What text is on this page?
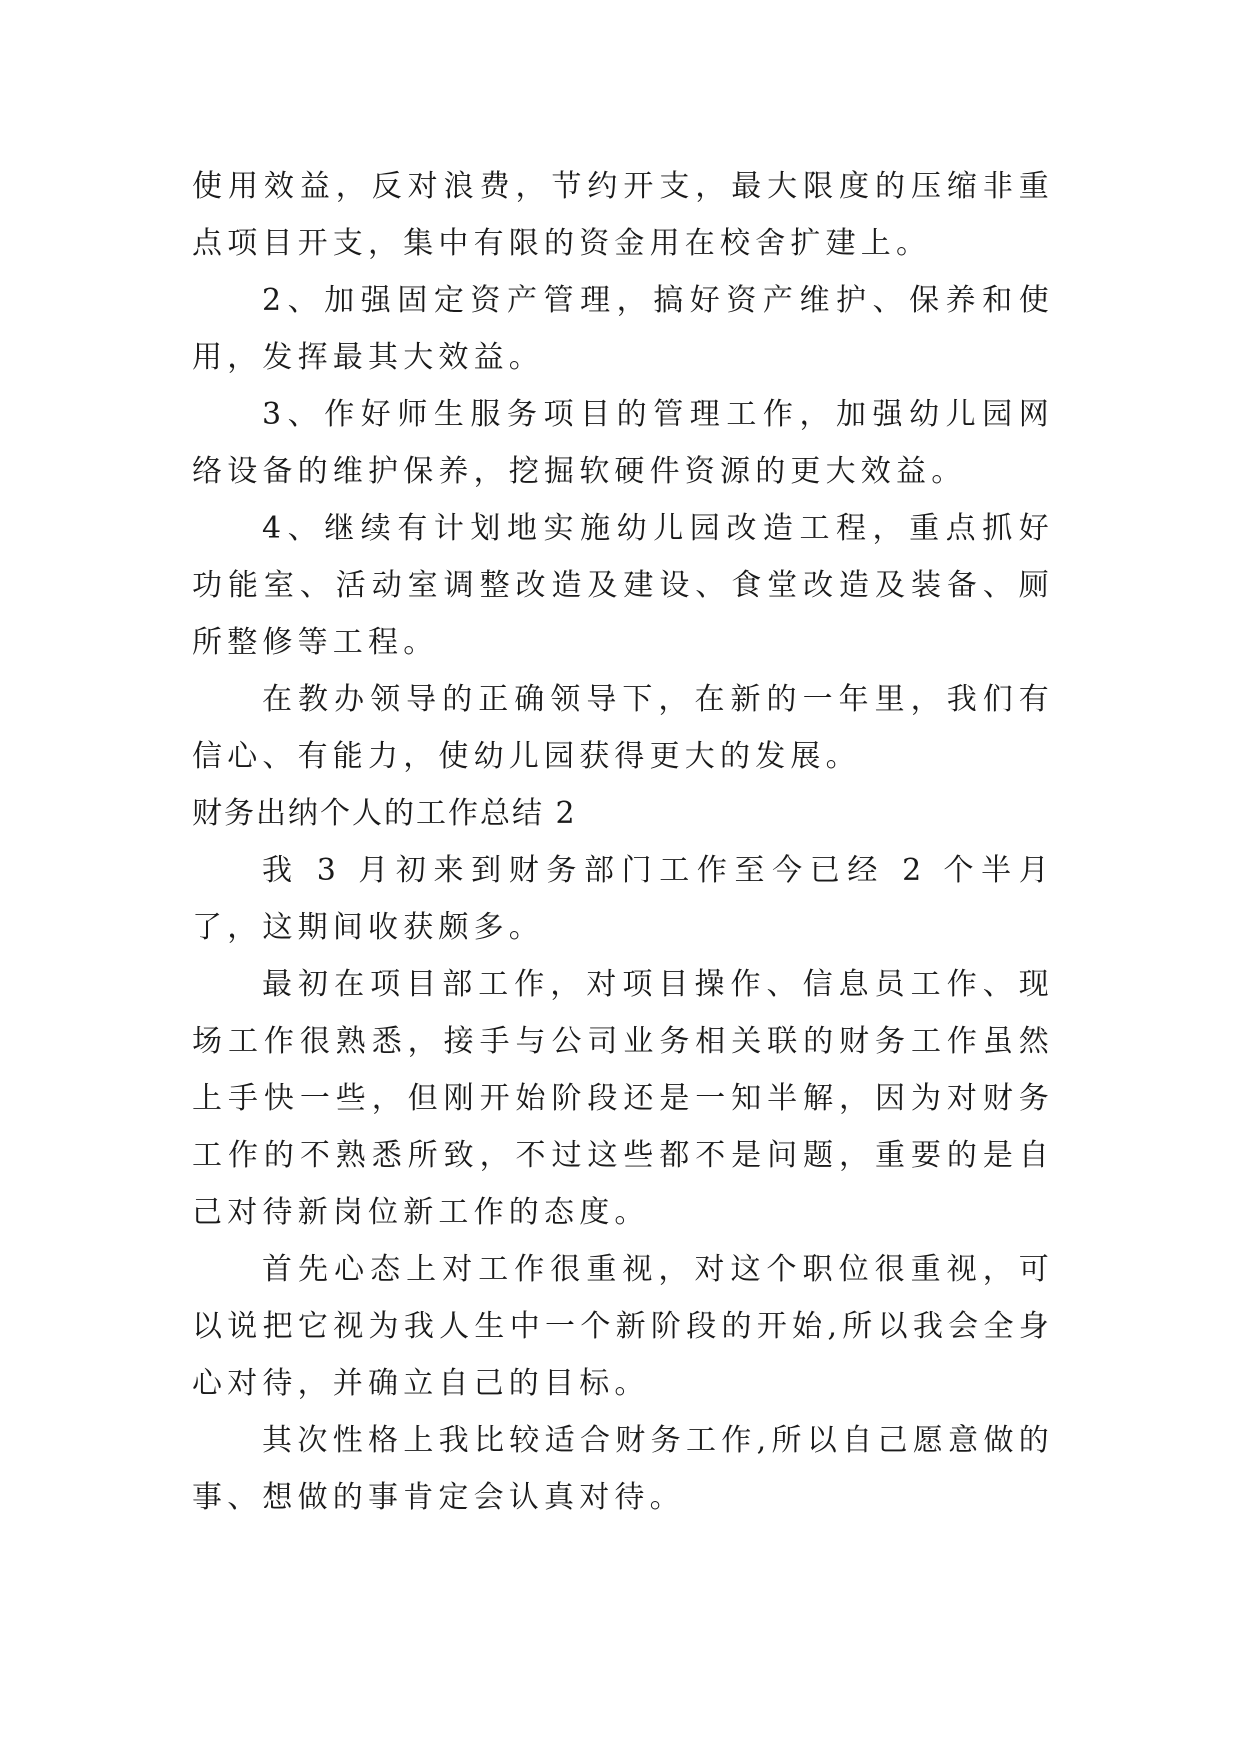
使用效益，反对浪费，节约开支，最大限度的压缩非重点项目开支，集中有限的资金用在校舍扩建上。

2、加强固定资产管理，搞好资产维护、保养和使用，发挥最其大效益。

3、作好师生服务项目的管理工作，加强幼儿园网络设备的维护保养，挖掘软硬件资源的更大效益。

4、继续有计划地实施幼儿园改造工程，重点抓好功能室、活动室调整改造及建设、食堂改造及装备、厕所整修等工程。

在教办领导的正确领导下，在新的一年里，我们有信心、有能力，使幼儿园获得更大的发展。

财务出纳个人的工作总结 2

我 3 月初来到财务部门工作至今已经 2 个半月了，这期间收获颇多。

最初在项目部工作，对项目操作、信息员工作、现场工作很熟悉，接手与公司业务相关联的财务工作虽然上手快一些，但刚开始阶段还是一知半解，因为对财务工作的不熟悉所致，不过这些都不是问题，重要的是自己对待新岗位新工作的态度。

首先心态上对工作很重视，对这个职位很重视，可以说把它视为我人生中一个新阶段的开始,所以我会全身心对待，并确立自己的目标。

其次性格上我比较适合财务工作,所以自己愿意做的事、想做的事肯定会认真对待。
